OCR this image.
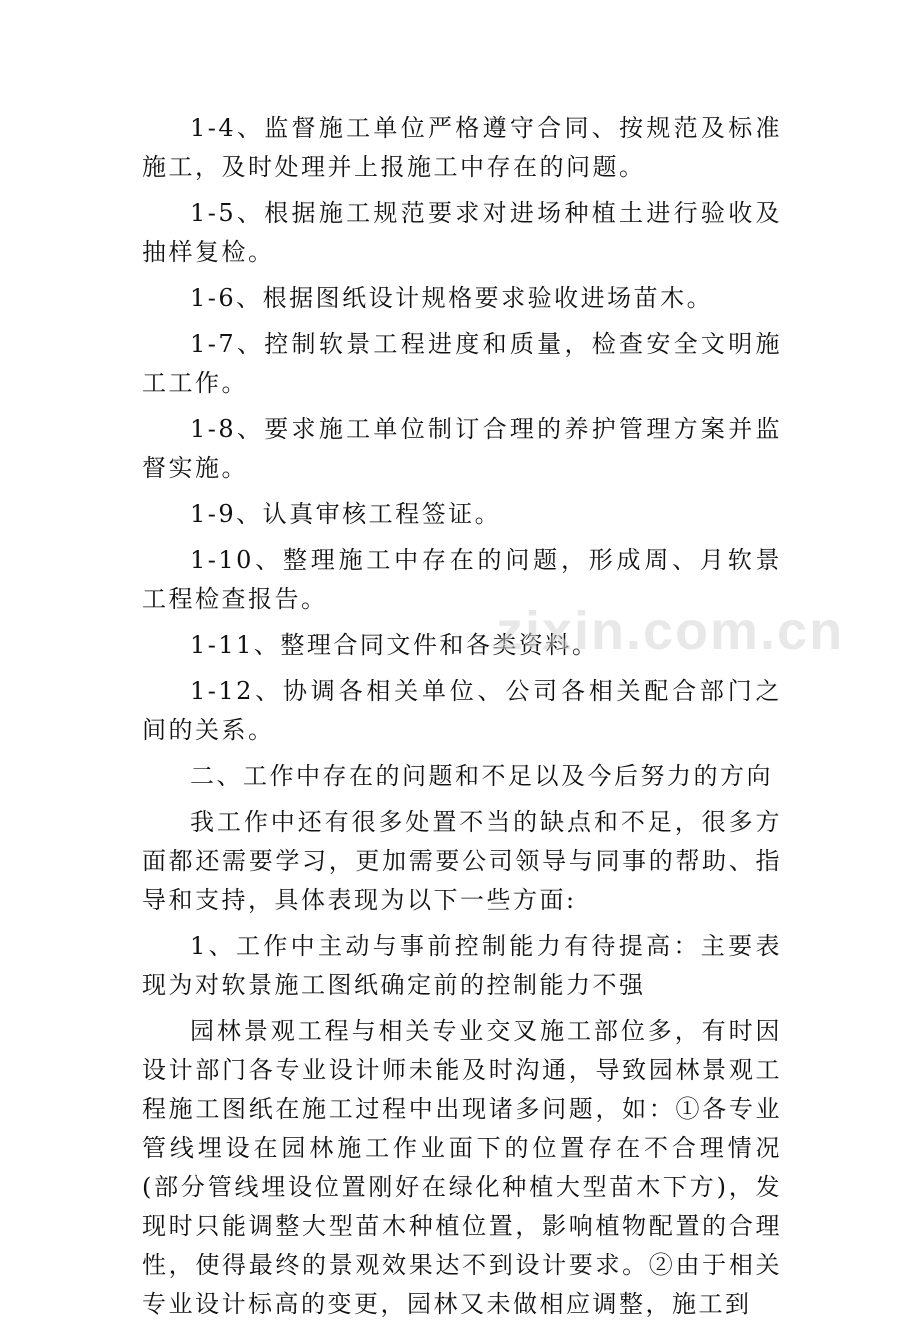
1-4、监督施工单位严格遵守合同、按规范及标准施工，及时处理并上报施工中存在的问题。

1-5、根据施工规范要求对进场种植土进行验收及抽样复检。

1-6、根据图纸设计规格要求验收进场苗木。

1-7、控制软景工程进度和质量，检查安全文明施工工作。

1-8、要求施工单位制订合理的养护管理方案并监督实施。

1-9、认真审核工程签证。

1-10、整理施工中存在的问题，形成周、月软景工程检查报告。

1-11、整理合同文件和各类资料。

1-12、协调各相关单位、公司各相关配合部门之间的关系。

二、工作中存在的问题和不足以及今后努力的方向

我工作中还有很多处置不当的缺点和不足，很多方面都还需要学习，更加需要公司领导与同事的帮助、指导和支持，具体表现为以下一些方面:

1、工作中主动与事前控制能力有待提高：主要表现为对软景施工图纸确定前的控制能力不强

园林景观工程与相关专业交叉施工部位多，有时因设计部门各专业设计师未能及时沟通，导致园林景观工程施工图纸在施工过程中出现诸多问题，如：①各专业管线埋设在园林施工作业面下的位置存在不合理情况(部分管线埋设位置刚好在绿化种植大型苗木下方)，发现时只能调整大型苗木种植位置，影响植物配置的合理性，使得最终的景观效果达不到设计要求。②由于相关专业设计标高的变更，园林又未做相应调整，施工到

zixin.com.cn
